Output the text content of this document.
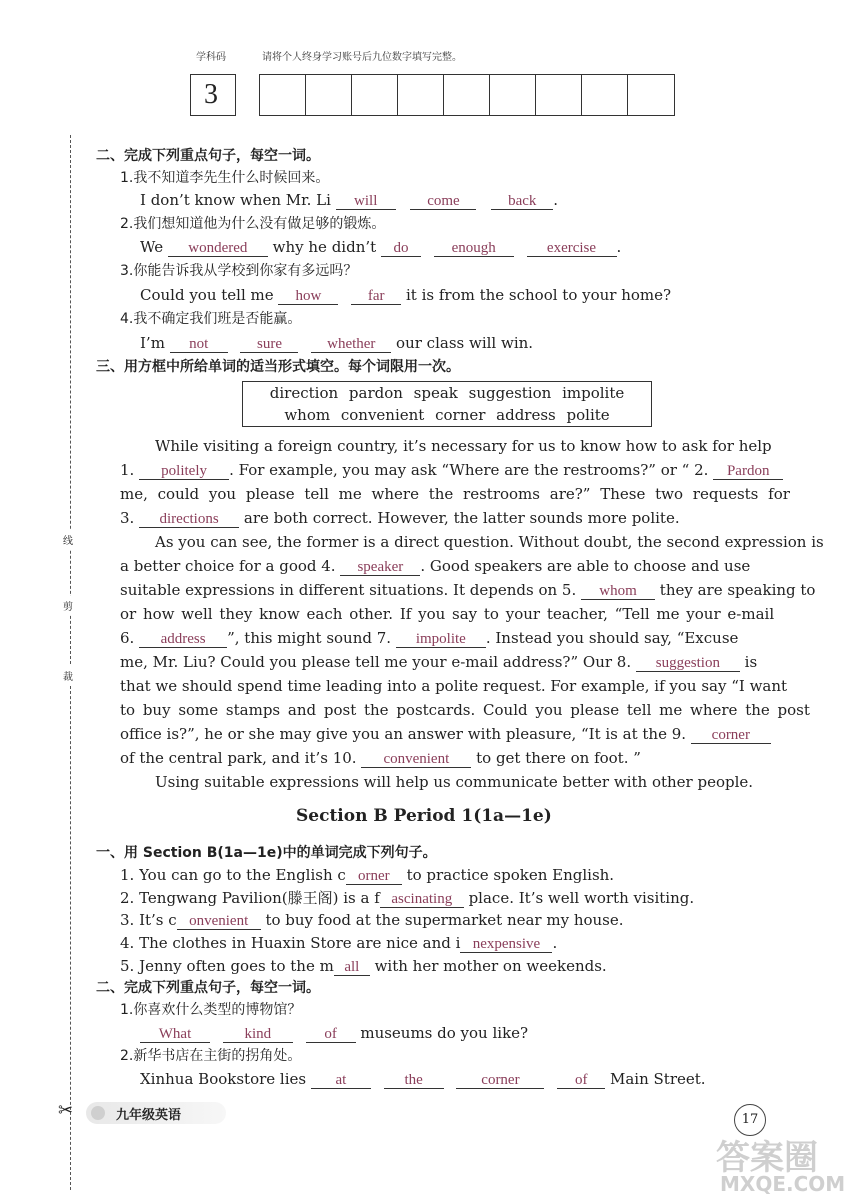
学科码	请将个人终身学习账号后九位数字填写完整。
3
线
剪
裁
二、完成下列重点句子，每空一词。
1.我不知道李先生什么时候回来。
I don’t know when Mr. Li will	come	back .
2.我们想知道他为什么没有做足够的锻炼。
We wondered why he didn’t do	enough	exercise .
3.你能告诉我从学校到你家有多远吗？
Could you tell me how	far it is from the school to your home?
4.我不确定我们班是否能赢。
I’m not	sure	whether our class will win.
三、用方框中所给单词的适当形式填空。每个词限用一次。
direction pardon speak suggestion impolite
whom convenient corner address polite
While visiting a foreign country, it’s necessary for us to know how to ask for help
1. politely . For example, you may ask “Where are the restrooms?” or “ 2. Pardon
me, could you please tell me where the restrooms are?” These two requests for
3. directions are both correct. However, the latter sounds more polite.
As you can see, the former is a direct question. Without doubt, the second expression is
a better choice for a good 4. speaker . Good speakers are able to choose and use
suitable expressions in different situations. It depends on 5. whom they are speaking to
or how well they know each other. If you say to your teacher, “Tell me your e-mail
6. address ”, this might sound 7. impolite . Instead you should say, “Excuse
me, Mr. Liu? Could you please tell me your e-mail address?” Our 8. suggestion is
that we should spend time leading into a polite request. For example, if you say “I want
to buy some stamps and post the postcards. Could you please tell me where the post
office is?”, he or she may give you an answer with pleasure, “It is at the 9. corner
of the central park, and it’s 10. convenient to get there on foot. ”
Using suitable expressions will help us communicate better with other people.
Section B Period 1(1a—1e)
一、用 Section B(1a—1e)中的单词完成下列句子。
1. You can go to the English c orner to practice spoken English.
2. Tengwang Pavilion(滕王阁) is a f ascinating place. It’s well worth visiting.
3. It’s c onvenient to buy food at the supermarket near my house.
4. The clothes in Huaxin Store are nice and i nexpensive .
5. Jenny often goes to the m all with her mother on weekends.
二、完成下列重点句子，每空一词。
1.你喜欢什么类型的博物馆？
What	kind	of museums do you like?
2.新华书店在主街的拐角处。
Xinhua Bookstore lies at	the	corner	of Main Street.
✂	九年级英语	17
答案圈
MXQE.COM
